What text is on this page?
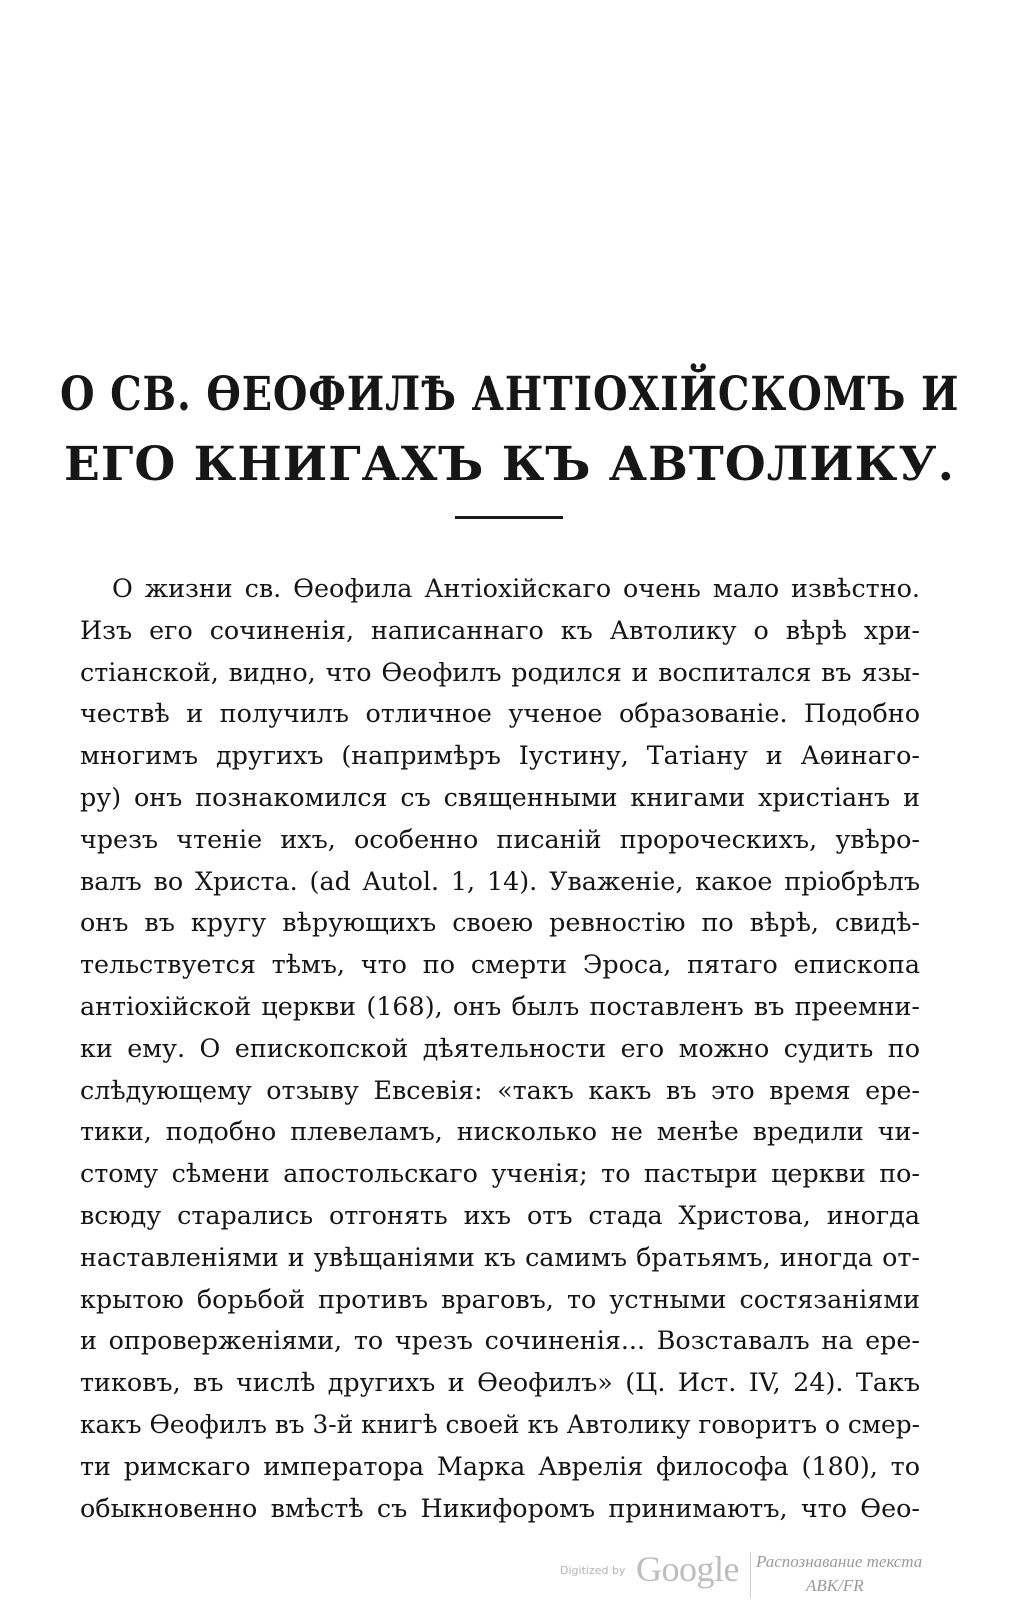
О СВ. ѲЕОФИЛѢ АНТІОХІЙСКОМЪ И
ЕГО КНИГАХЪ КЪ АВТОЛИКУ.
О жизни св. Ѳеофила Антіохійскаго очень мало извѣстно.
Изъ его сочиненія, написаннаго къ Автолику о вѣрѣ хри-
стіанской, видно, что Ѳеофилъ родился и воспитался въ язы-
чествѣ и получилъ отличное ученое образованіе. Подобно
многимъ другихъ (напримѣръ Іустину, Татіану и Аѳинаго-
ру) онъ познакомился съ священными книгами христіанъ и
чрезъ чтеніе ихъ, особенно писаній пророческихъ, увѣро-
валъ во Христа. (ad Autol. 1, 14). Уваженіе, какое пріобрѣлъ
онъ въ кругу вѣрующихъ своею ревностію по вѣрѣ, свидѣ-
тельствуется тѣмъ, что по смерти Эроса, пятаго епископа
антіохійской церкви (168), онъ былъ поставленъ въ преемни-
ки ему. О епископской дѣятельности его можно судить по
слѣдующему отзыву Евсевія: «такъ какъ въ это время ере-
тики, подобно плевеламъ, нисколько не менѣе вредили чи-
стому сѣмени апостольскаго ученія; то пастыри церкви по-
всюду старались отгонять ихъ отъ стада Христова, иногда
наставленіями и увѣщаніями къ самимъ братьямъ, иногда от-
крытою борьбой противъ враговъ, то устными состязаніями
и опроверженіями, то чрезъ сочиненія... Возставалъ на ере-
тиковъ, въ числѣ другихъ и Ѳеофилъ» (Ц. Ист. IV, 24). Такъ
какъ Ѳеофилъ въ 3-й книгѣ своей къ Автолику говоритъ о смер-
ти римскаго императора Марка Аврелія философа (180), то
обыкновенно вмѣстѣ съ Никифоромъ принимаютъ, что Ѳео-
Digitized by Google Распознавание текста
ABK/FR
